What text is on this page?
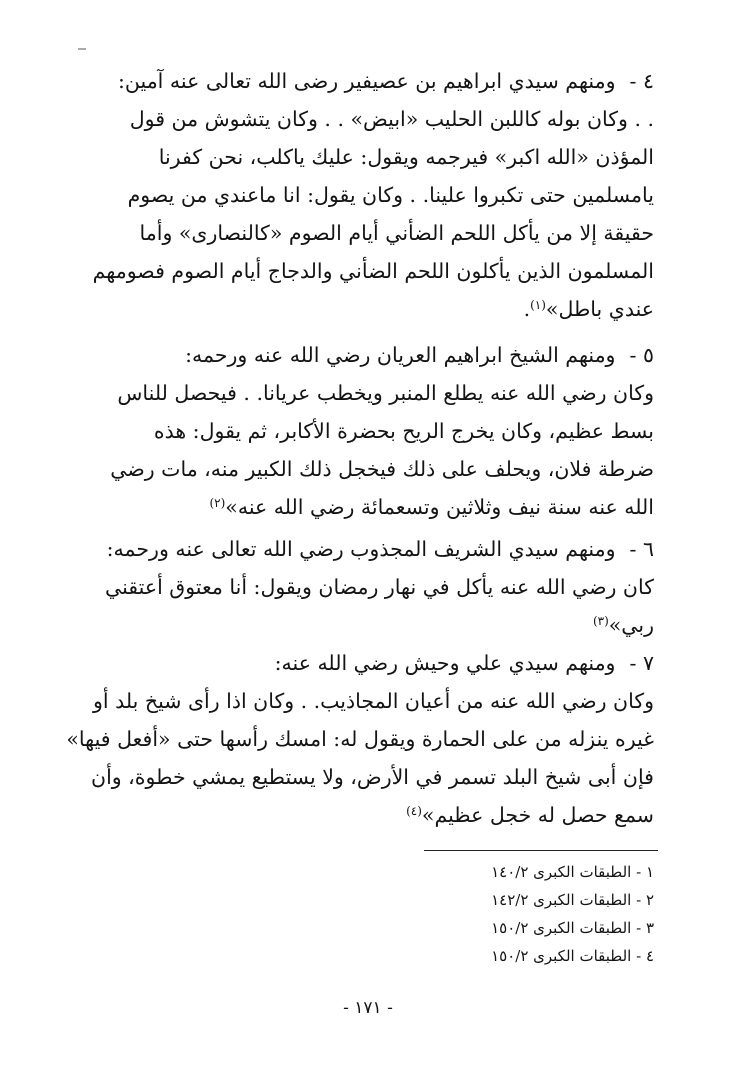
٤ - ومنهم سيدي ابراهيم بن عصيفير رضى الله تعالى عنه آمين:
. . وكان بوله كاللبن الحليب «ابيض» . . وكان يتشوش من قول
المؤذن «الله اكبر» فيرجمه ويقول: عليك ياكلب، نحن كفرنا
يامسلمين حتى تكبروا علينا. . وكان يقول: انا ماعندي من يصوم
حقيقة إلا من يأكل اللحم الضأني أيام الصوم «كالنصارى» وأما
المسلمون الذين يأكلون اللحم الضأني والدجاج أيام الصوم فصومهم
عندي باطل»$^{(١)}$.
٥ - ومنهم الشيخ ابراهيم العريان رضي الله عنه ورحمه:
وكان رضي الله عنه يطلع المنبر ويخطب عريانا. . فيحصل للناس
بسط عظيم، وكان يخرج الريح بحضرة الأكابر، ثم يقول: هذه
ضرطة فلان، ويحلف على ذلك فيخجل ذلك الكبير منه، مات رضي
الله عنه سنة نيف وثلاثين وتسعمائة رضي الله عنه»$^{(٢)}$
٦ - ومنهم سيدي الشريف المجذوب رضي الله تعالى عنه ورحمه:
كان رضي الله عنه يأكل في نهار رمضان ويقول: أنا معتوق أعتقني
ربي»$^{(٣)}$
٧ - ومنهم سيدي علي وحيش رضي الله عنه:
وكان رضي الله عنه من أعيان المجاذيب. . وكان اذا رأى شيخ بلد أو
غيره ينزله من على الحمارة ويقول له: امسك رأسها حتى «أفعل فيها»
فإن أبى شيخ البلد تسمر في الأرض، ولا يستطيع يمشي خطوة، وأن
سمع حصل له خجل عظيم»$^{(٤)}$
١ - الطبقات الكبرى ١٤٠/٢
٢ - الطبقات الكبرى ١٤٢/٢
٣ - الطبقات الكبرى ١٥٠/٢
٤ - الطبقات الكبرى ١٥٠/٢
- ١٧١ -
